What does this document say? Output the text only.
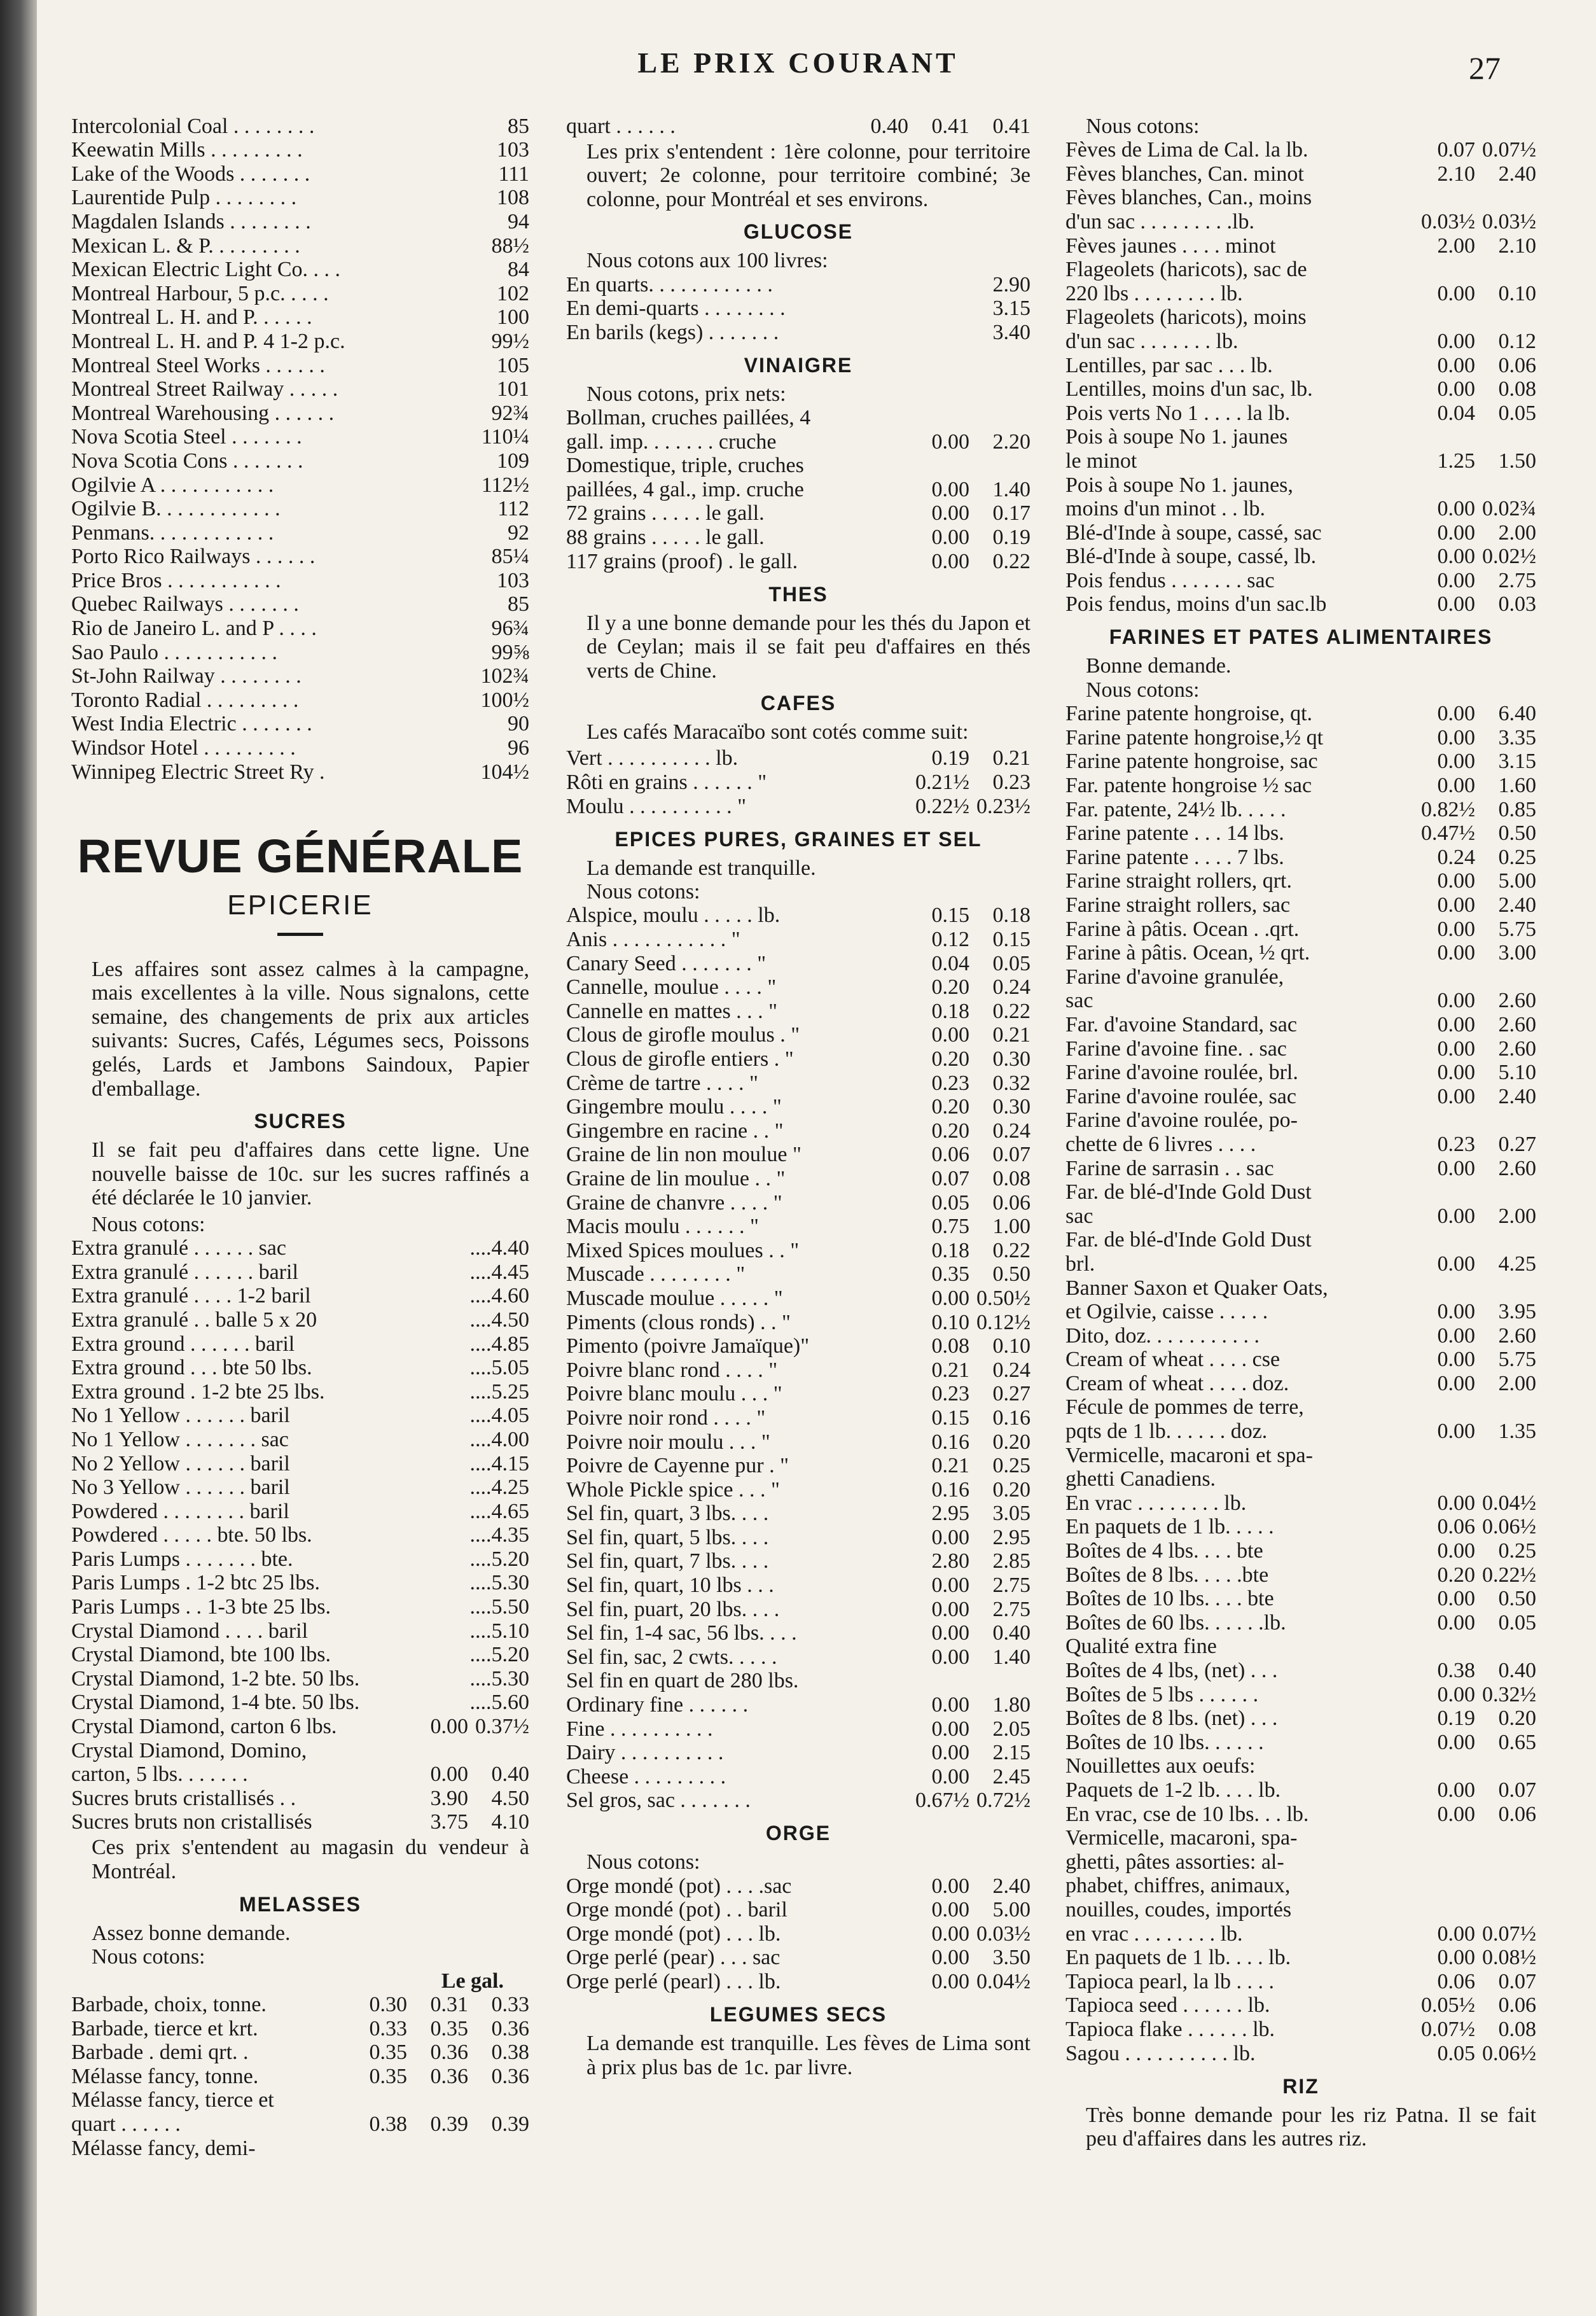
LE PRIX COURANT	27
Intercolonial Coal . . . . . . . .	85
Keewatin Mills . . . . . . . . .	103
Lake of the Woods . . . . . . .	111
Laurentide Pulp . . . . . . . .	108
Magdalen Islands . . . . . . . .	94
Mexican L. & P. . . . . . . . .	88½
Mexican Electric Light Co. . . .	84
Montreal Harbour, 5 p.c. . . . .	102
Montreal L. H. and P. . . . . .	100
Montreal L. H. and P. 4 1-2 p.c.	99½
Montreal Steel Works . . . . . .	105
Montreal Street Railway . . . . .	101
Montreal Warehousing . . . . . .	92¾
Nova Scotia Steel . . . . . . .	110¼
Nova Scotia Cons . . . . . . .	109
Ogilvie A . . . . . . . . . . .	112½
Ogilvie B. . . . . . . . . . . .	112
Penmans. . . . . . . . . . . .	92
Porto Rico Railways . . . . . .	85¼
Price Bros . . . . . . . . . . .	103
Quebec Railways . . . . . . .	85
Rio de Janeiro L. and P . . . .	96¾
Sao Paulo . . . . . . . . . . .	99⅝
St-John Railway . . . . . . . .	102¾
Toronto Radial . . . . . . . . .	100½
West India Electric . . . . . . .	90
Windsor Hotel . . . . . . . . .	96
Winnipeg Electric Street Ry .	104½
REVUE GÉNÉRALE
EPICERIE
Les affaires sont assez calmes à la campagne, mais excellentes à la ville. Nous signalons, cette semaine, des changements de prix aux articles suivants: Sucres, Cafés, Légumes secs, Poissons gelés, Lards et Jambons Saindoux, Papier d'emballage.
SUCRES
Il se fait peu d'affaires dans cette ligne. Une nouvelle baisse de 10c. sur les sucres raffinés a été déclarée le 10 janvier.
Nous cotons:
Extra granulé . . . . . . sac	....4.40
Extra granulé . . . . . . baril	....4.45
Extra granulé . . . . 1-2 baril	....4.60
Extra granulé . . balle 5 x 20	....4.50
Extra ground . . . . . . baril	....4.85
Extra ground . . . bte 50 lbs.	....5.05
Extra ground . 1-2 bte 25 lbs.	....5.25
No 1 Yellow . . . . . . baril	....4.05
No 1 Yellow . . . . . . . sac	....4.00
No 2 Yellow . . . . . . baril	....4.15
No 3 Yellow . . . . . . baril	....4.25
Powdered . . . . . . . . baril	....4.65
Powdered . . . . . bte. 50 lbs.	....4.35
Paris Lumps . . . . . . . bte.	....5.20
Paris Lumps . 1-2 btc 25 lbs.	....5.30
Paris Lumps . . 1-3 bte 25 lbs.	....5.50
Crystal Diamond . . . . baril	....5.10
Crystal Diamond, bte 100 lbs.	....5.20
Crystal Diamond, 1-2 bte. 50 lbs.	....5.30
Crystal Diamond, 1-4 bte. 50 lbs.	....5.60
Crystal Diamond, carton 6 lbs.	0.00 0.37½
Crystal Diamond, Domino,
carton, 5 lbs. . . . . . .	0.00	0.40
Sucres bruts cristallisés . .	3.90	4.50
Sucres bruts non cristallisés	3.75	4.10
Ces prix s'entendent au magasin du vendeur à Montréal.
MELASSES
Assez bonne demande.
Nous cotons:
Le gal.
Barbade, choix, tonne.	0.30	0.31	0.33
Barbade, tierce et krt.	0.33	0.35	0.36
Barbade . demi qrt. .	0.35	0.36	0.38
Mélasse fancy, tonne.	0.35	0.36	0.36
Mélasse fancy, tierce et
quart . . . . . .	0.38	0.39	0.39
Mélasse fancy, demi-
quart . . . . . .	0.40	0.41	0.41
Les prix s'entendent : 1ère colonne, pour territoire ouvert; 2e colonne, pour territoire combiné; 3e colonne, pour Montréal et ses environs.
GLUCOSE
Nous cotons aux 100 livres:
En quarts. . . . . . . . . . . .	2.90
En demi-quarts . . . . . . . .	3.15
En barils (kegs) . . . . . . .	3.40
VINAIGRE
Nous cotons, prix nets:
Bollman, cruches paillées, 4
gall. imp. . . . . . . cruche	0.00	2.20
Domestique, triple, cruches
paillées, 4 gal., imp. cruche	0.00	1.40
72 grains . . . . . le gall.	0.00	0.17
88 grains . . . . . le gall.	0.00	0.19
117 grains (proof) . le gall.	0.00	0.22
THES
Il y a une bonne demande pour les thés du Japon et de Ceylan; mais il se fait peu d'affaires en thés verts de Chine.
CAFES
Les cafés Maracaïbo sont cotés comme suit:
Vert . . . . . . . . . . lb.	0.19	0.21
Rôti en grains . . . . . . "	0.21½	0.23
Moulu . . . . . . . . . . "	0.22½ 0.23½
EPICES PURES, GRAINES ET SEL
La demande est tranquille.
Nous cotons:
Alspice, moulu . . . . . lb.	0.15	0.18
Anis . . . . . . . . . . . "	0.12	0.15
Canary Seed . . . . . . . "	0.04	0.05
Cannelle, moulue . . . . "	0.20	0.24
Cannelle en mattes . . . "	0.18	0.22
Clous de girofle moulus . "	0.00	0.21
Clous de girofle entiers . "	0.20	0.30
Crème de tartre . . . . "	0.23	0.32
Gingembre moulu . . . . "	0.20	0.30
Gingembre en racine . . "	0.20	0.24
Graine de lin non moulue "	0.06	0.07
Graine de lin moulue . . "	0.07	0.08
Graine de chanvre . . . . "	0.05	0.06
Macis moulu . . . . . . "	0.75	1.00
Mixed Spices moulues . . "	0.18	0.22
Muscade . . . . . . . . "	0.35	0.50
Muscade moulue . . . . . "	0.00 0.50½
Piments (clous ronds) . . "	0.10 0.12½
Pimento (poivre Jamaïque)"	0.08	0.10
Poivre blanc rond . . . . "	0.21	0.24
Poivre blanc moulu . . . "	0.23	0.27
Poivre noir rond . . . . "	0.15	0.16
Poivre noir moulu . . . "	0.16	0.20
Poivre de Cayenne pur . "	0.21	0.25
Whole Pickle spice . . . "	0.16	0.20
Sel fin, quart, 3 lbs. . . .	2.95	3.05
Sel fin, quart, 5 lbs. . . .	0.00	2.95
Sel fin, quart, 7 lbs. . . .	2.80	2.85
Sel fin, quart, 10 lbs . . .	0.00	2.75
Sel fin, puart, 20 lbs. . . .	0.00	2.75
Sel fin, 1-4 sac, 56 lbs. . . .	0.00	0.40
Sel fin, sac, 2 cwts. . . . .	0.00	1.40
Sel fin en quart de 280 lbs.
Ordinary fine . . . . . .	0.00	1.80
Fine . . . . . . . . . .	0.00	2.05
Dairy . . . . . . . . . .	0.00	2.15
Cheese . . . . . . . . .	0.00	2.45
Sel gros, sac . . . . . . .	0.67½ 0.72½
ORGE
Nous cotons:
Orge mondé (pot) . . . .sac	0.00	2.40
Orge mondé (pot) . . baril	0.00	5.00
Orge mondé (pot) . . . lb.	0.00 0.03½
Orge perlé (pear) . . . sac	0.00	3.50
Orge perlé (pearl) . . . lb.	0.00 0.04½
LEGUMES SECS
La demande est tranquille. Les fèves de Lima sont à prix plus bas de 1c. par livre.
Nous cotons:
Fèves de Lima de Cal. la lb.	0.07 0.07½
Fèves blanches, Can. minot	2.10	2.40
Fèves blanches, Can., moins
d'un sac . . . . . . . . .lb.	0.03½ 0.03½
Fèves jaunes . . . . minot	2.00	2.10
Flageolets (haricots), sac de
220 lbs . . . . . . . . lb.	0.00	0.10
Flageolets (haricots), moins
d'un sac . . . . . . . lb.	0.00	0.12
Lentilles, par sac . . . lb.	0.00	0.06
Lentilles, moins d'un sac, lb.	0.00	0.08
Pois verts No 1 . . . . la lb.	0.04	0.05
Pois à soupe No 1. jaunes
le minot	1.25	1.50
Pois à soupe No 1. jaunes,
moins d'un minot . . lb.	0.00 0.02¾
Blé-d'Inde à soupe, cassé, sac	0.00	2.00
Blé-d'Inde à soupe, cassé, lb.	0.00 0.02½
Pois fendus . . . . . . . sac	0.00	2.75
Pois fendus, moins d'un sac.lb	0.00	0.03
FARINES ET PATES ALIMENTAIRES
Bonne demande.
Nous cotons:
Farine patente hongroise, qt.	0.00	6.40
Farine patente hongroise,½ qt	0.00	3.35
Farine patente hongroise, sac	0.00	3.15
Far. patente hongroise ½ sac	0.00	1.60
Far. patente, 24½ lb. . . . .	0.82½	0.85
Farine patente . . . 14 lbs.	0.47½	0.50
Farine patente . . . . 7 lbs.	0.24	0.25
Farine straight rollers, qrt.	0.00	5.00
Farine straight rollers, sac	0.00	2.40
Farine à pâtis. Ocean . .qrt.	0.00	5.75
Farine à pâtis. Ocean, ½ qrt.	0.00	3.00
Farine d'avoine granulée,
sac	0.00	2.60
Far. d'avoine Standard, sac	0.00	2.60
Farine d'avoine fine. . sac	0.00	2.60
Farine d'avoine roulée, brl.	0.00	5.10
Farine d'avoine roulée, sac	0.00	2.40
Farine d'avoine roulée, po-
chette de 6 livres . . . .	0.23	0.27
Farine de sarrasin . . sac	0.00	2.60
Far. de blé-d'Inde Gold Dust
sac	0.00	2.00
Far. de blé-d'Inde Gold Dust
brl.	0.00	4.25
Banner Saxon et Quaker Oats,
et Ogilvie, caisse . . . . .	0.00	3.95
Dito, doz. . . . . . . . . . .	0.00	2.60
Cream of wheat . . . . cse	0.00	5.75
Cream of wheat . . . . doz.	0.00	2.00
Fécule de pommes de terre,
pqts de 1 lb. . . . . . doz.	0.00	1.35
Vermicelle, macaroni et spa-
ghetti Canadiens.
En vrac . . . . . . . . lb.	0.00 0.04½
En paquets de 1 lb. . . . .	0.06 0.06½
Boîtes de 4 lbs. . . . bte	0.00	0.25
Boîtes de 8 lbs. . . . .bte	0.20 0.22½
Boîtes de 10 lbs. . . . bte	0.00	0.50
Boîtes de 60 lbs. . . . . .lb.	0.00	0.05
Qualité extra fine
Boîtes de 4 lbs, (net) . . .	0.38	0.40
Boîtes de 5 lbs . . . . . .	0.00 0.32½
Boîtes de 8 lbs. (net) . . .	0.19	0.20
Boîtes de 10 lbs. . . . . .	0.00	0.65
Nouillettes aux oeufs:
Paquets de 1-2 lb. . . . lb.	0.00	0.07
En vrac, cse de 10 lbs. . . lb.	0.00	0.06
Vermicelle, macaroni, spa-
ghetti, pâtes assorties: al-
phabet, chiffres, animaux,
nouilles, coudes, importés
en vrac . . . . . . . . lb.	0.00 0.07½
En paquets de 1 lb. . . . lb.	0.00 0.08½
Tapioca pearl, la lb . . . .	0.06	0.07
Tapioca seed . . . . . . lb.	0.05½	0.06
Tapioca flake . . . . . . lb.	0.07½	0.08
Sagou . . . . . . . . . . lb.	0.05 0.06½
RIZ
Très bonne demande pour les riz Patna. Il se fait peu d'affaires dans les autres riz.
